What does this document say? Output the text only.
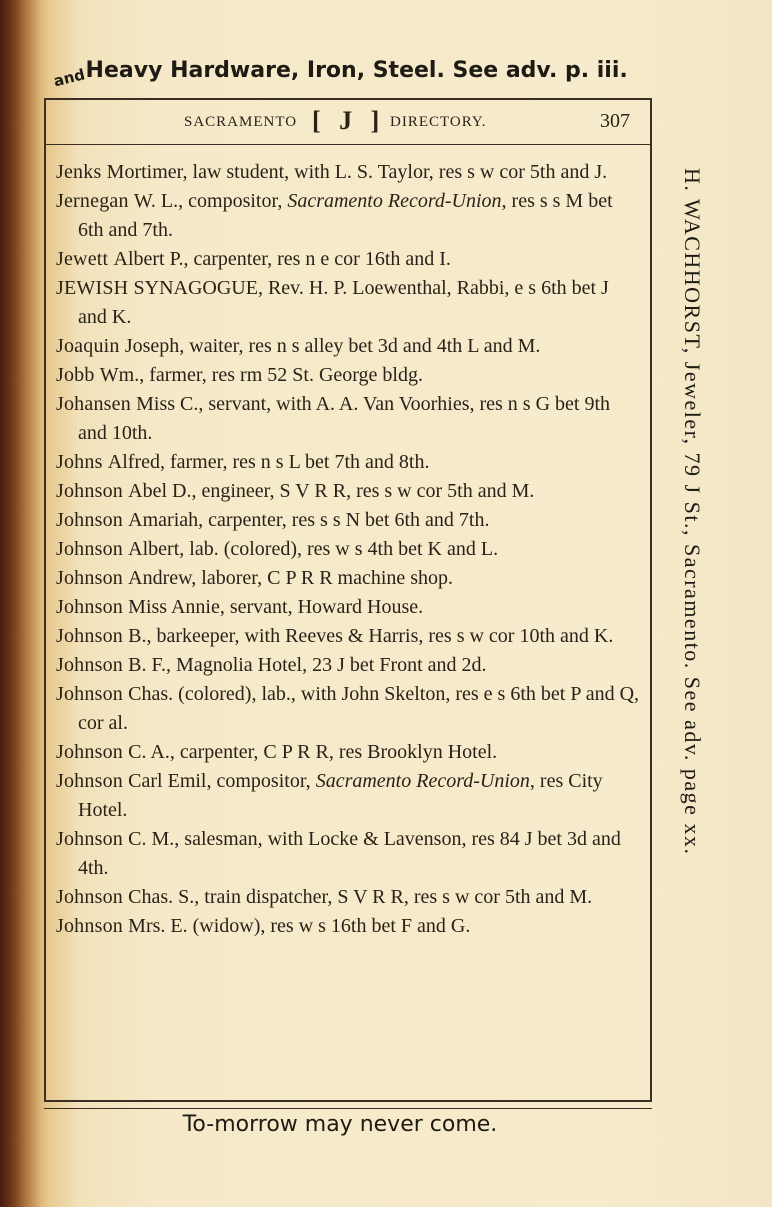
andHeavy Hardware, Iron, Steel. See adv. p. iii.
SACRAMENTO [ J ] DIRECTORY.	307

Jenks Mortimer, law student, with L. S. Taylor, res s w cor 5th and J.

Jernegan W. L., compositor, Sacramento Record-Union, res s s M bet 6th and 7th.

Jewett Albert P., carpenter, res n e cor 16th and I.

JEWISH SYNAGOGUE, Rev. H. P. Loewenthal, Rabbi, e s 6th bet J and K.

Joaquin Joseph, waiter, res n s alley bet 3d and 4th L and M.

Jobb Wm., farmer, res rm 52 St. George bldg.

Johansen Miss C., servant, with A. A. Van Voorhies, res n s G bet 9th and 10th.

Johns Alfred, farmer, res n s L bet 7th and 8th.

Johnson Abel D., engineer, S V R R, res s w cor 5th and M.

Johnson Amariah, carpenter, res s s N bet 6th and 7th.

Johnson Albert, lab. (colored), res w s 4th bet K and L.

Johnson Andrew, laborer, C P R R machine shop.

Johnson Miss Annie, servant, Howard House.

Johnson B., barkeeper, with Reeves & Harris, res s w cor 10th and K.

Johnson B. F., Magnolia Hotel, 23 J bet Front and 2d.

Johnson Chas. (colored), lab., with John Skelton, res e s 6th bet P and Q, cor al.

Johnson C. A., carpenter, C P R R, res Brooklyn Hotel.

Johnson Carl Emil, compositor, Sacramento Record-Union, res City Hotel.

Johnson C. M., salesman, with Locke & Lavenson, res 84 J bet 3d and 4th.

Johnson Chas. S., train dispatcher, S V R R, res s w cor 5th and M.

Johnson Mrs. E. (widow), res w s 16th bet F and G.

H. WACHHORST, Jeweler, 79 J St., Sacramento. See adv. page xx.
To-morrow may never come.
